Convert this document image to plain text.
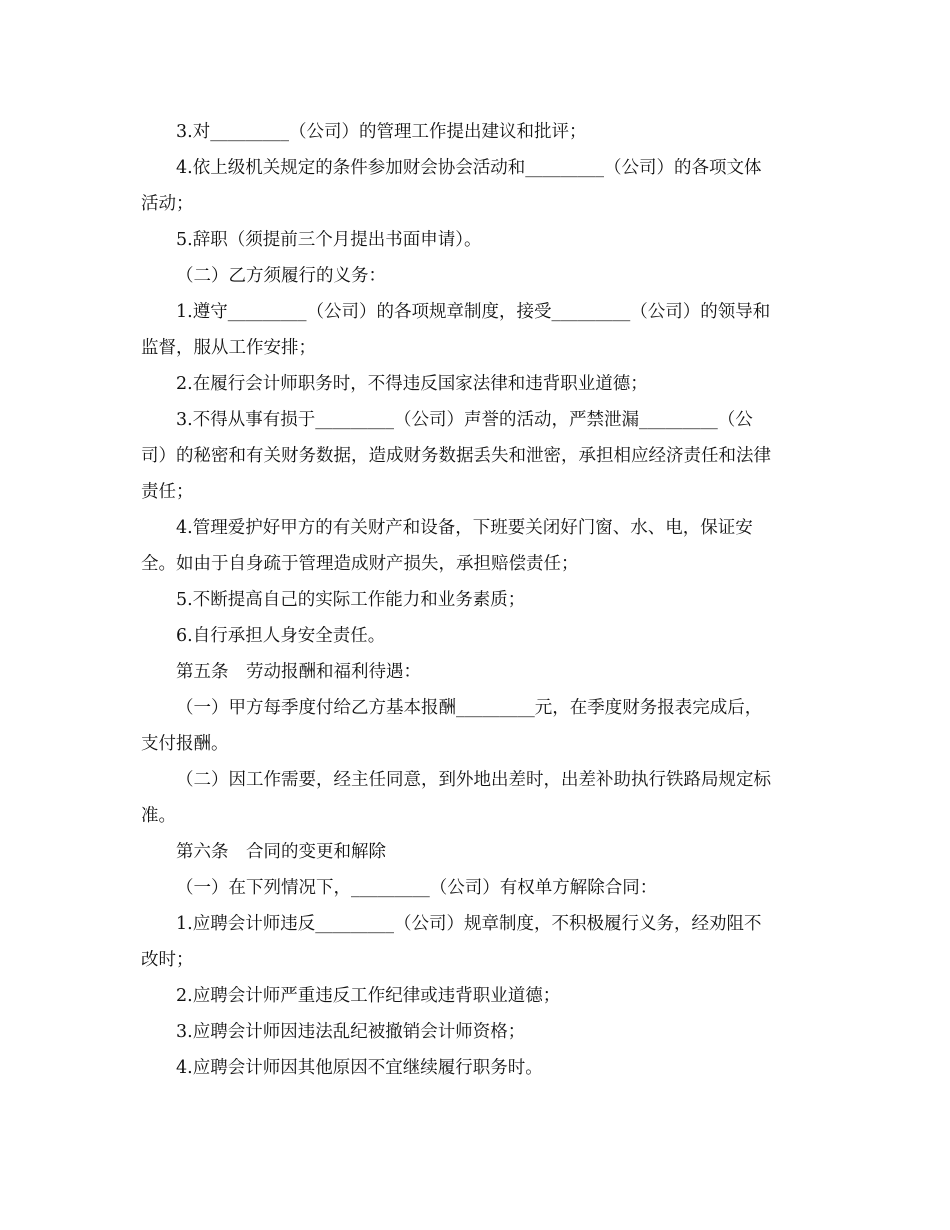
3.对_________（公司）的管理工作提出建议和批评；
4.依上级机关规定的条件参加财会协会活动和_________（公司）的各项文体
活动；
5.辞职（须提前三个月提出书面申请）。
（二）乙方须履行的义务：
1.遵守_________（公司）的各项规章制度，接受_________（公司）的领导和
监督，服从工作安排；
2.在履行会计师职务时，不得违反国家法律和违背职业道德；
3.不得从事有损于_________（公司）声誉的活动，严禁泄漏_________（公
司）的秘密和有关财务数据，造成财务数据丢失和泄密，承担相应经济责任和法律
责任；
4.管理爱护好甲方的有关财产和设备，下班要关闭好门窗、水、电，保证安
全。如由于自身疏于管理造成财产损失，承担赔偿责任；
5.不断提高自己的实际工作能力和业务素质；
6.自行承担人身安全责任。
第五条　劳动报酬和福利待遇：
（一）甲方每季度付给乙方基本报酬_________元，在季度财务报表完成后，
支付报酬。
（二）因工作需要，经主任同意，到外地出差时，出差补助执行铁路局规定标
准。
第六条　合同的变更和解除
（一）在下列情况下，_________（公司）有权单方解除合同：
1.应聘会计师违反_________（公司）规章制度，不积极履行义务，经劝阻不
改时；
2.应聘会计师严重违反工作纪律或违背职业道德；
3.应聘会计师因违法乱纪被撤销会计师资格；
4.应聘会计师因其他原因不宜继续履行职务时。
